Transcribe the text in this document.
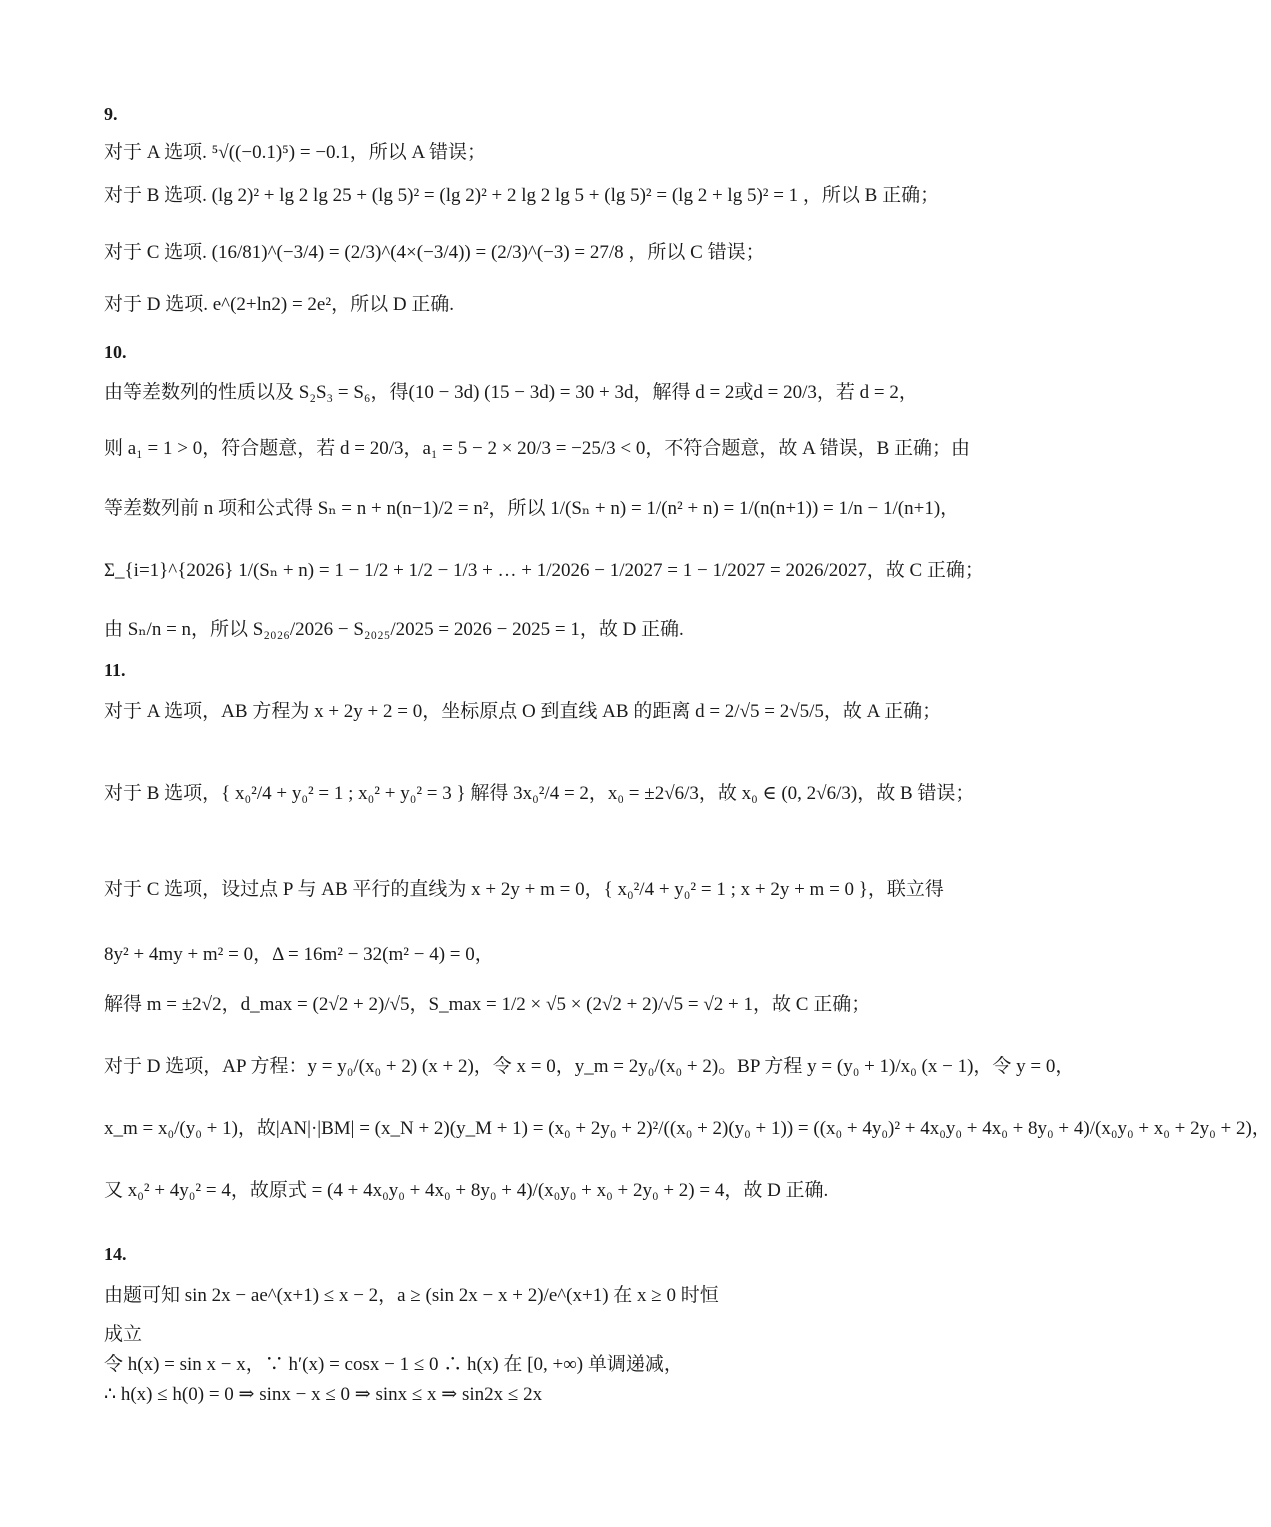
9.
对于 A 选项. ⁵√((−0.1)⁵) = −0.1，所以 A 错误；
对于 B 选项. (lg 2)² + lg 2 lg 25 + (lg 5)² = (lg 2)² + 2 lg 2 lg 5 + (lg 5)² = (lg 2 + lg 5)² = 1 ，所以 B 正确；
对于 C 选项. (16/81)^(−3/4) = (2/3)^(4×(−3/4)) = (2/3)^(−3) = 27/8 ，所以 C 错误；
对于 D 选项. e^(2+ln2) = 2e²，所以 D 正确.
10.
由等差数列的性质以及 S₂S₃ = S₆，得(10 − 3d) (15 − 3d) = 30 + 3d，解得 d = 2或d = 20/3，若 d = 2，
则 a₁ = 1 > 0，符合题意，若 d = 20/3，a₁ = 5 − 2 × 20/3 = −25/3 < 0，不符合题意，故 A 错误，B 正确；由
等差数列前 n 项和公式得 Sₙ = n + n(n−1)/2 = n²，所以 1/(Sₙ + n) = 1/(n² + n) = 1/(n(n+1)) = 1/n − 1/(n+1)，
Σ_{i=1}^{2026} 1/(Sₙ + n) = 1 − 1/2 + 1/2 − 1/3 + … + 1/2026 − 1/2027 = 1 − 1/2027 = 2026/2027，故 C 正确；
由 Sₙ/n = n，所以 S₂₀₂₆/2026 − S₂₀₂₅/2025 = 2026 − 2025 = 1，故 D 正确.
11.
对于 A 选项，AB 方程为 x + 2y + 2 = 0，坐标原点 O 到直线 AB 的距离 d = 2/√5 = 2√5/5，故 A 正确；
对于 B 选项，{ x₀²/4 + y₀² = 1 ; x₀² + y₀² = 3 } 解得 3x₀²/4 = 2，x₀ = ±2√6/3，故 x₀ ∈ (0, 2√6/3)，故 B 错误；
对于 C 选项，设过点 P 与 AB 平行的直线为 x + 2y + m = 0，{ x₀²/4 + y₀² = 1 ; x + 2y + m = 0 }，联立得
8y² + 4my + m² = 0，Δ = 16m² − 32(m² − 4) = 0，
解得 m = ±2√2，d_max = (2√2 + 2)/√5，S_max = 1/2 × √5 × (2√2 + 2)/√5 = √2 + 1，故 C 正确；
对于 D 选项，AP 方程：y = y₀/(x₀ + 2) (x + 2)，令 x = 0，y_m = 2y₀/(x₀ + 2)。BP 方程 y = (y₀ + 1)/x₀ (x − 1)，令 y = 0，
x_m = x₀/(y₀ + 1)，故|AN|·|BM| = (x_N + 2)(y_M + 1) = (x₀ + 2y₀ + 2)²/((x₀ + 2)(y₀ + 1)) = ((x₀ + 4y₀)² + 4x₀y₀ + 4x₀ + 8y₀ + 4)/(x₀y₀ + x₀ + 2y₀ + 2)，
又 x₀² + 4y₀² = 4，故原式 = (4 + 4x₀y₀ + 4x₀ + 8y₀ + 4)/(x₀y₀ + x₀ + 2y₀ + 2) = 4，故 D 正确.
14.
由题可知 sin 2x − ae^(x+1) ≤ x − 2，a ≥ (sin 2x − x + 2)/e^(x+1) 在 x ≥ 0 时恒
成立
令 h(x) = sin x − x，∵ h′(x) = cosx − 1 ≤ 0 ∴ h(x) 在 [0, +∞) 单调递减，
∴ h(x) ≤ h(0) = 0 ⇒ sinx − x ≤ 0 ⇒ sinx ≤ x ⇒ sin2x ≤ 2x
